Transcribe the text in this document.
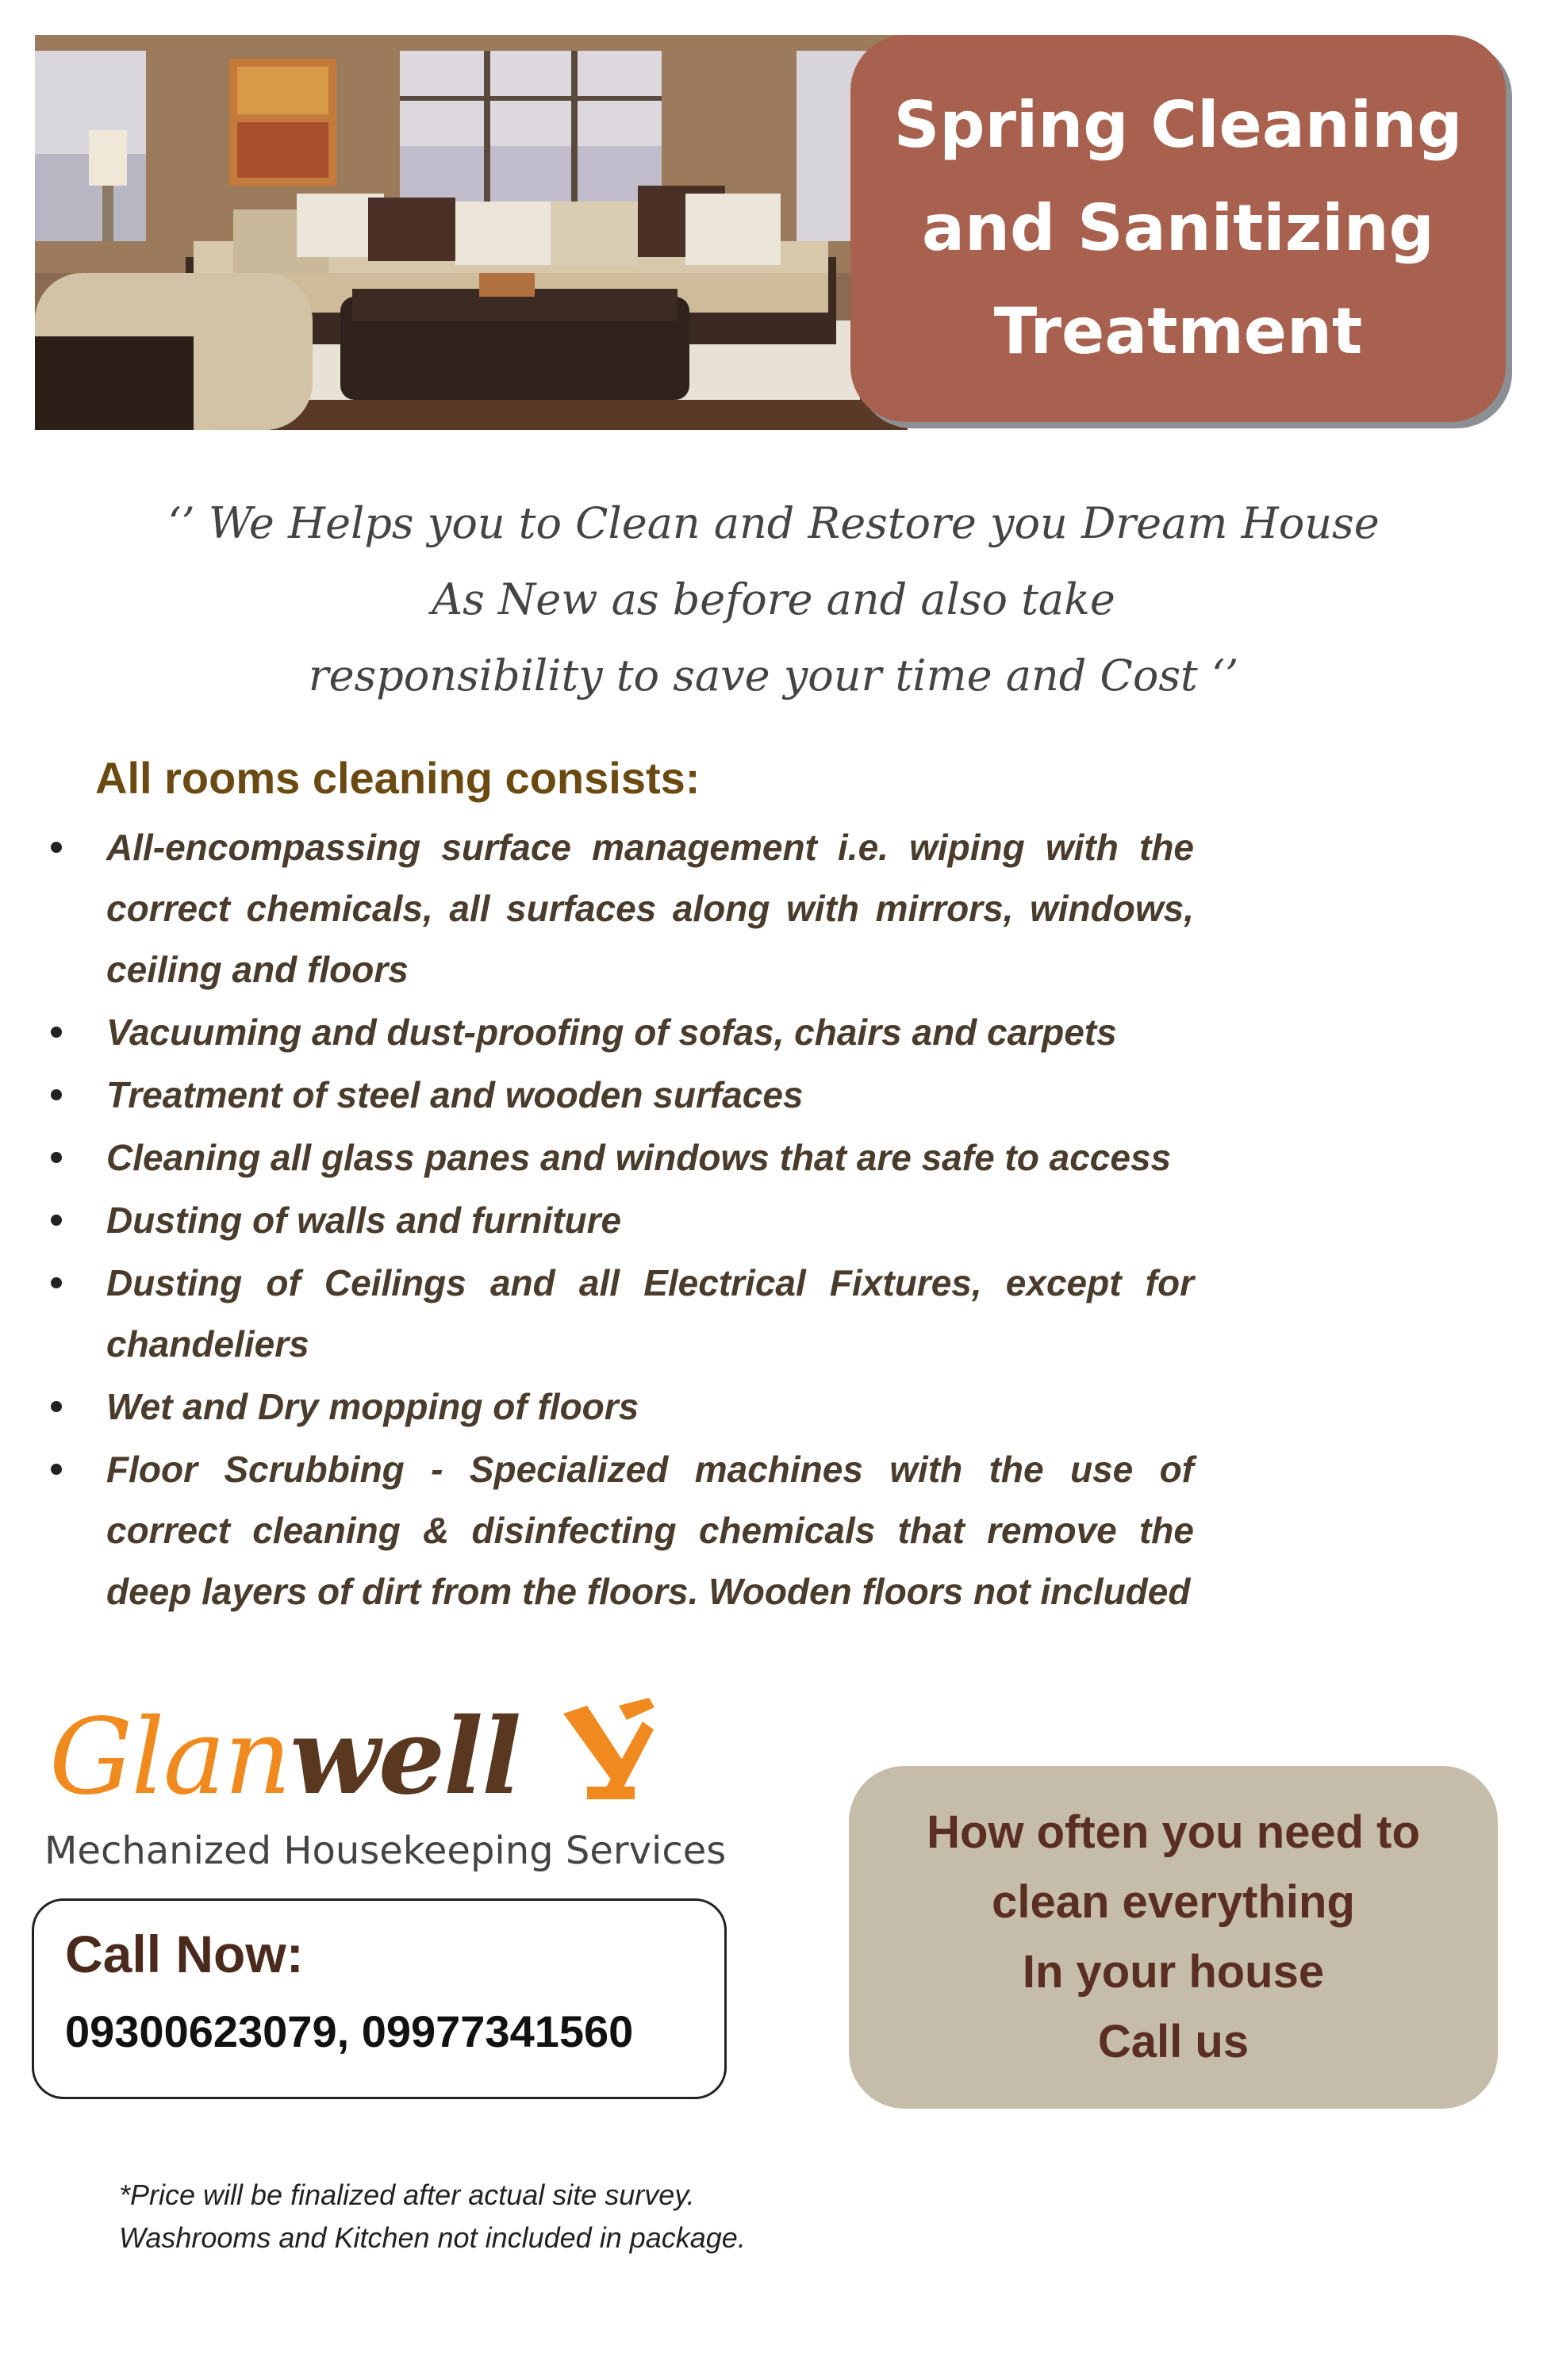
Spring Cleaning
and Sanitizing
Treatment
‘’ We Helps you to Clean and Restore you Dream House
As New as before and also take
responsibility to save your time and Cost ‘’
All rooms cleaning consists:
All-encompassing surface management i.e. wiping with the correct chemicals, all surfaces along with mirrors, windows, ceiling and floors
Vacuuming and dust-proofing of sofas, chairs and carpets
Treatment of steel and wooden surfaces
Cleaning all glass panes and windows that are safe to access
Dusting of walls and furniture
Dusting of Ceilings and all Electrical Fixtures, except for chandeliers
Wet and Dry mopping of floors
Floor Scrubbing - Specialized machines with the use of correct cleaning & disinfecting chemicals that remove the deep layers of dirt from the floors. Wooden floors not included
Glanwell
Mechanized Housekeeping Services
Call Now:
09300623079, 09977341560
How often you need to
clean everything
In your house
Call us
*Price will be finalized after actual site survey.
Washrooms and Kitchen not included in package.
